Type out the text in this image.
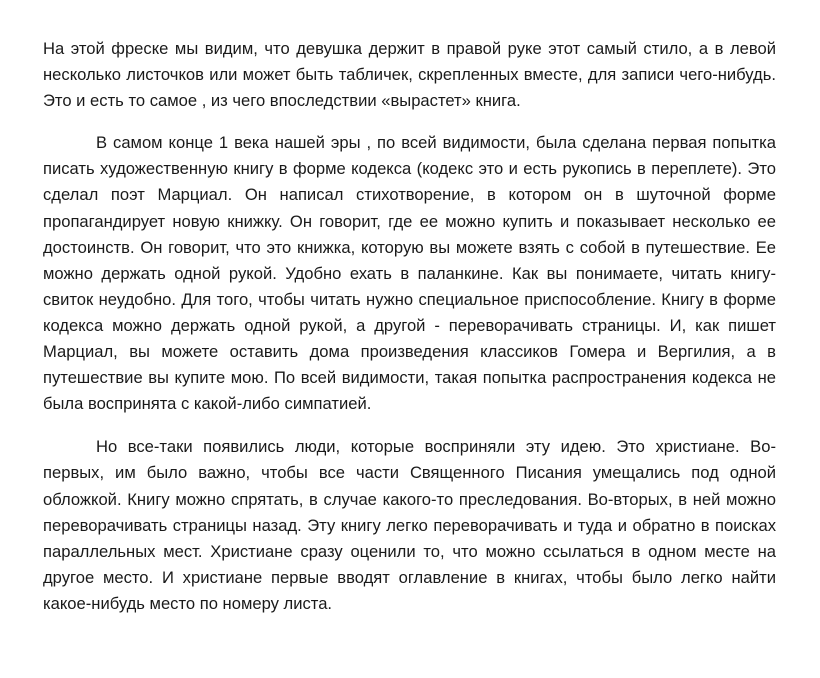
На этой фреске мы видим, что девушка держит в правой руке этот самый стило, а в левой несколько листочков или может быть табличек, скрепленных вместе, для записи чего-нибудь. Это и есть то самое , из чего впоследствии «вырастет» книга.

В самом конце 1 века нашей эры , по всей видимости, была сделана первая попытка писать художественную книгу в форме кодекса (кодекс это и есть рукопись в переплете). Это сделал поэт Марциал. Он написал стихотворение, в котором он в шуточной форме пропагандирует новую книжку. Он говорит, где ее можно купить и показывает несколько ее достоинств. Он говорит, что это книжка, которую вы можете взять с собой в путешествие. Ее можно держать одной рукой. Удобно ехать в паланкине. Как вы понимаете, читать книгу-свиток неудобно. Для того, чтобы читать нужно специальное приспособление. Книгу в форме кодекса можно держать одной рукой, а другой - переворачивать страницы. И, как пишет Марциал, вы можете оставить дома произведения классиков Гомера и Вергилия, а в путешествие вы купите мою. По всей видимости, такая попытка распространения кодекса не была воспринята с какой-либо симпатией.

Но все-таки появились люди, которые восприняли эту идею. Это христиане. Во-первых, им было важно, чтобы все части Священного Писания умещались под одной обложкой. Книгу можно спрятать, в случае какого-то преследования. Во-вторых, в ней можно переворачивать страницы назад. Эту книгу легко переворачивать и туда и обратно в поисках параллельных мест. Христиане сразу оценили то, что можно ссылаться в одном месте на другое место. И христиане первые вводят оглавление в книгах, чтобы было легко найти какое-нибудь место по номеру листа.
